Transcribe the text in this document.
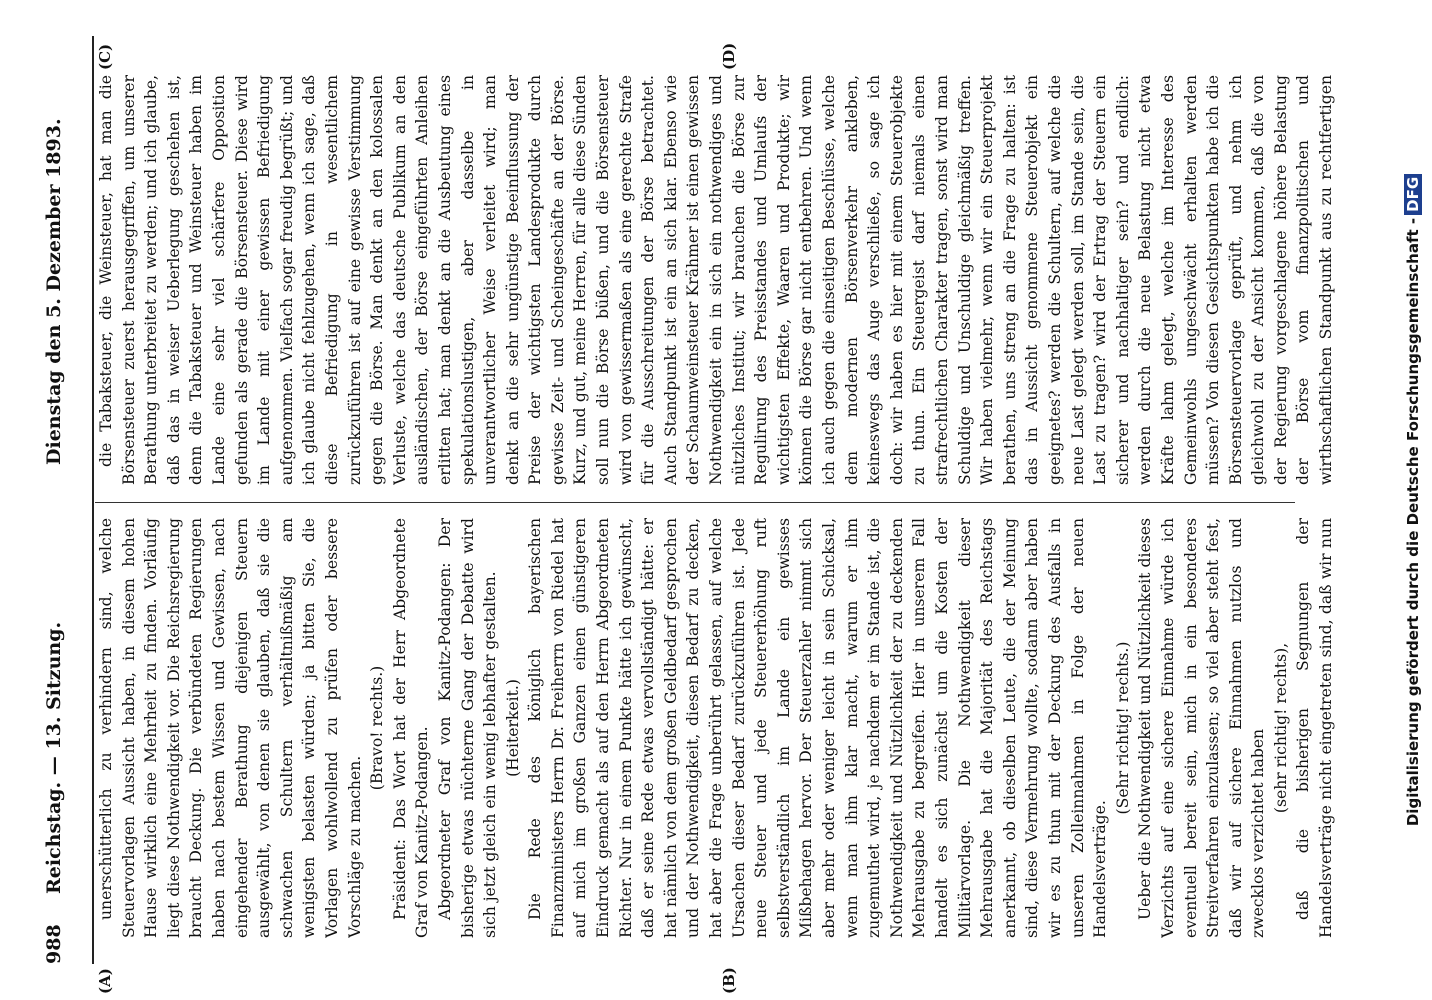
988
Reichstag. — 13. Sitzung.
Dienstag den 5. Dezember 1893.
(A)	(B)
(C)	(D)

unerschütterlich zu verhindern sind, welche Steuervorlagen Aussicht haben, in diesem hohen Hause wirklich eine Mehrheit zu finden. Vorläufig liegt diese Nothwendigkeit vor. Die Reichsregierung braucht Deckung. Die verbündeten Regierungen haben nach bestem Wissen und Gewissen, nach eingehender Berathung diejenigen Steuern ausgewählt, von denen sie glauben, daß sie die schwachen Schultern verhältnißmäßig am wenigsten belasten würden; ja bitten Sie, die Vorlagen wohlwollend zu prüfen oder bessere Vorschläge zu machen.

(Bravo! rechts.) Präsident: Das Wort hat der Herr Abgeordnete Graf von Kanitz-Podangen. Abgeordneter Graf von Kanitz-Podangen: Der bisherige etwas nüchterne Gang der Debatte wird sich jetzt gleich ein wenig lebhafter gestalten. (Heiterkeit.) Die Rede des königlich bayerischen Finanzministers Herrn Dr. Freiherrn von Riedel hat auf mich im großen Ganzen einen günstigeren Eindruck gemacht als auf den Herrn Abgeordneten Richter. Nur in einem Punkte hätte ich gewünscht, daß er seine Rede etwas vervollständigt hätte: er hat nämlich von dem großen Geldbedarf gesprochen und der Nothwendigkeit, diesen Bedarf zu decken, hat aber die Frage unberührt gelassen, auf welche Ursachen dieser Bedarf zurückzuführen ist. Jede neue Steuer und jede Steuererhöhung ruft selbstverständlich im Lande ein gewisses Mißbehagen hervor. Der Steuerzahler nimmt sich aber mehr oder weniger leicht in sein Schicksal, wenn man ihm klar macht, warum er ihm zugemuthet wird, je nachdem er im Stande ist, die Nothwendigkeit und Nützlichkeit der zu deckenden Mehrausgabe zu begreifen. Hier in unserem Fall handelt es sich zunächst um die Kosten der Militärvorlage. Die Nothwendigkeit dieser Mehrausgabe hat die Majorität des Reichstags anerkannt, ob dieselben Leute, die der Meinung sind, diese Vermehrung wollte, sodann aber haben wir es zu thun mit der Deckung des Ausfalls in unseren Zolleinnahmen in Folge der neuen Handelsverträge.

(Sehr richtig! rechts.) Ueber die Nothwendigkeit und Nützlichkeit dieses Verzichts auf eine sichere Einnahme würde ich eventuell bereit sein, mich in ein besonderes Streitverfahren einzulassen; so viel aber steht fest, daß wir auf sichere Einnahmen nutzlos und zwecklos verzichtet haben

(sehr richtig! rechts),

daß die bisherigen Segnungen der Handelsverträge nicht eingetreten sind, daß wir nun

die Tabaksteuer, die Weinsteuer, hat man die Börsensteuer zuerst herausgegriffen, um unserer Berathung unterbreitet zu werden; und ich glaube, daß das in weiser Ueberlegung geschehen ist, denn die Tabaksteuer und Weinsteuer haben im Lande eine sehr viel schärfere Opposition gefunden als gerade die Börsensteuer. Diese wird im Lande mit einer gewissen Befriedigung aufgenommen. Vielfach sogar freudig begrüßt; und ich glaube nicht fehlzugehen, wenn ich sage, daß diese Befriedigung in wesentlichem zurückzuführen ist auf eine gewisse Verstimmung gegen die Börse. Man denkt an den kolossalen Verluste, welche das deutsche Publikum an den ausländischen, der Börse eingeführten Anleihen erlitten hat; man denkt an die Ausbeutung eines spekulationslustigen, aber dasselbe in unverantwortlicher Weise verleitet wird; man denkt an die sehr ungünstige Beeinflussung der Preise der wichtigsten Landesprodukte durch gewisse Zeit- und Scheingeschäfte an der Börse. Kurz, und gut, meine Herren, für alle diese Sünden soll nun die Börse büßen, und die Börsensteuer wird von gewissermaßen als eine gerechte Strafe für die Ausschreitungen der Börse betrachtet. Auch Standpunkt ist ein an sich klar. Ebenso wie der Schaumweinsteuer Krähmer ist einen gewissen Nothwendigkeit ein in sich ein nothwendiges und nützliches Institut; wir brauchen die Börse zur Regulirung des Preisstandes und Umlaufs der wichtigsten Effekte, Waaren und Produkte; wir können die Börse gar nicht entbehren. Und wenn ich auch gegen die einseitigen Beschlüsse, welche dem modernen Börsenverkehr ankleben, keineswegs das Auge verschließe, so sage ich doch: wir haben es hier mit einem Steuerobjekte zu thun. Ein Steuergeist darf niemals einen strafrechtlichen Charakter tragen, sonst wird man Schuldige und Unschuldige gleichmäßig treffen. Wir haben vielmehr, wenn wir ein Steuerprojekt berathen, uns streng an die Frage zu halten: ist das in Aussicht genommene Steuerobjekt ein geeignetes? werden die Schultern, auf welche die neue Last gelegt werden soll, im Stande sein, die Last zu tragen? wird der Ertrag der Steuern ein sicherer und nachhaltiger sein? und endlich: werden durch die neue Belastung nicht etwa Kräfte lahm gelegt, welche im Interesse des Gemeinwohls ungeschwächt erhalten werden müssen? Von diesen Gesichtspunkten habe ich die Börsensteuervorlage geprüft, und nehm ich gleichwohl zu der Ansicht kommen, daß die von der Regierung vorgeschlagene höhere Belastung der Börse vom finanzpolitischen und wirthschaftlichen Standpunkt aus zu rechtfertigen

Digitalisierung gefördert durch die Deutsche Forschungsgemeinschaft -DFG
